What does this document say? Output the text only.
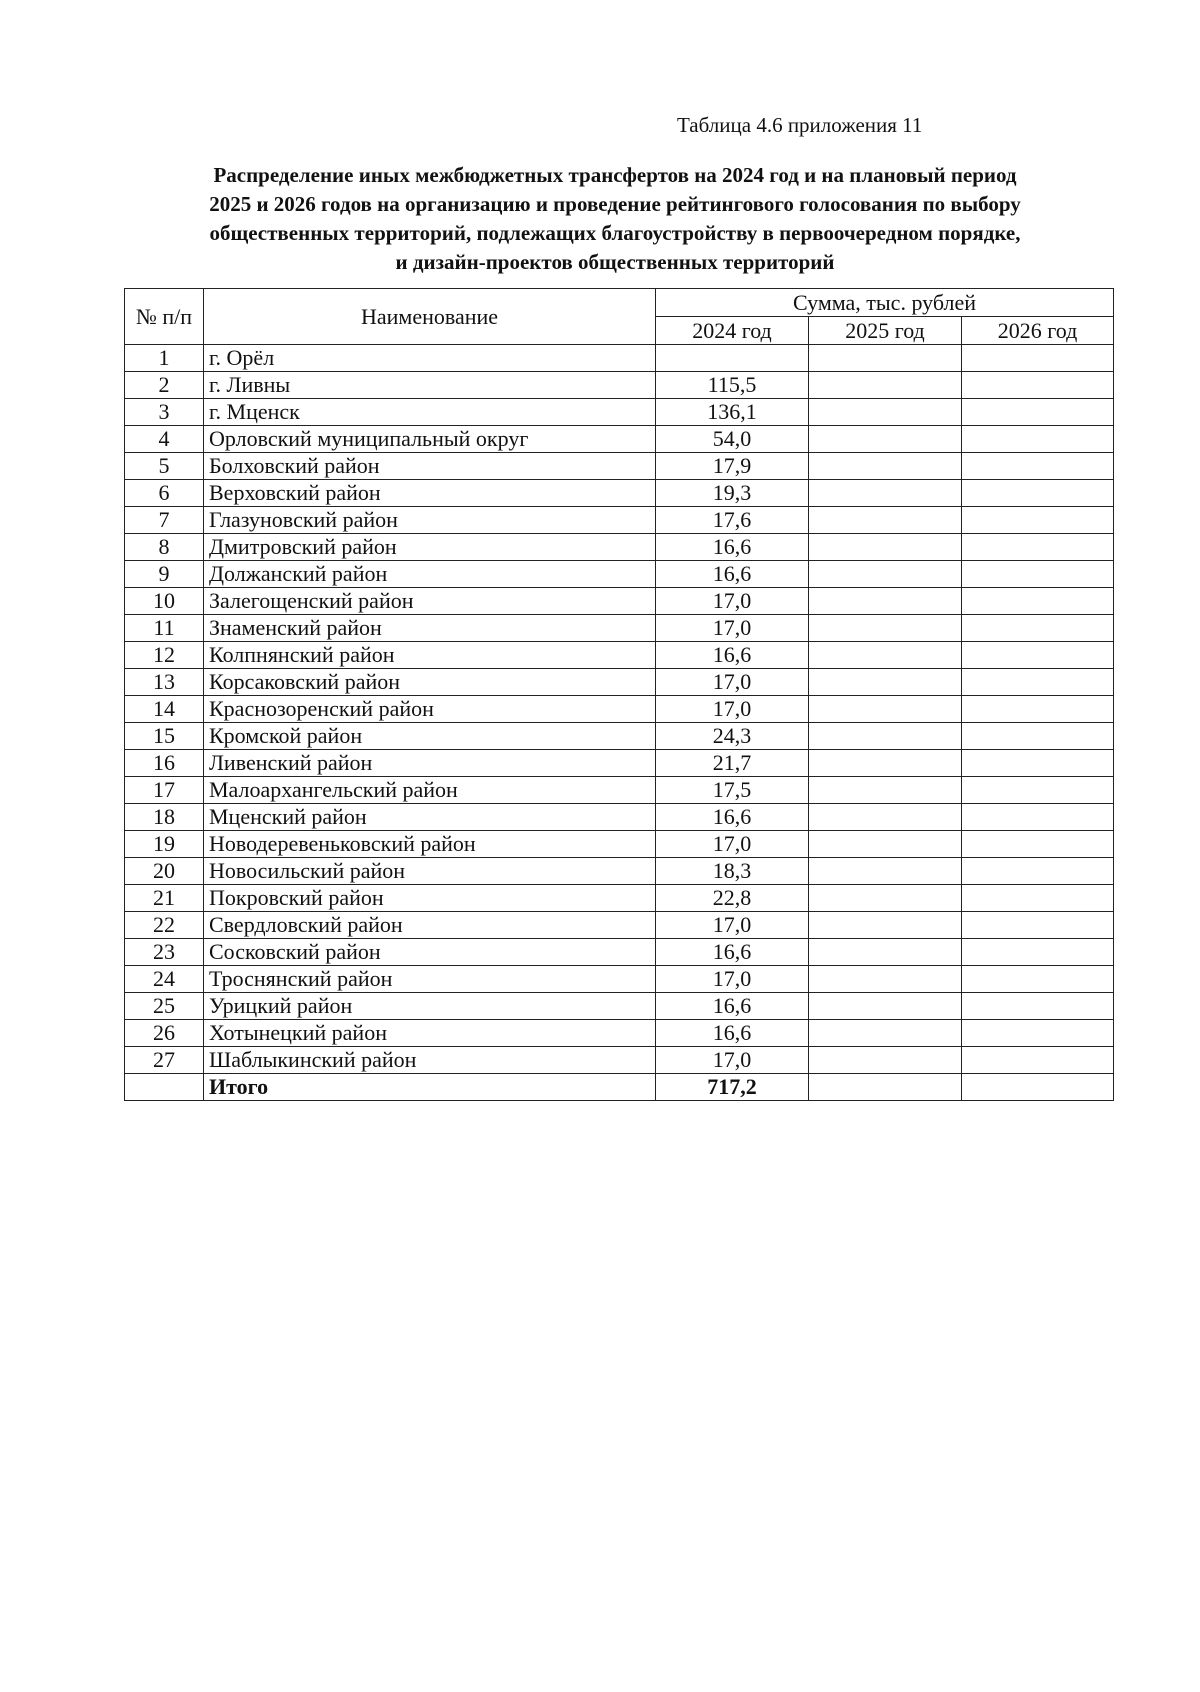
Таблица 4.6 приложения 11
Распределение иных межбюджетных трансфертов на 2024 год и на плановый период
2025 и 2026 годов на организацию и проведение рейтингового голосования по выбору
общественных территорий, подлежащих благоустройству в первоочередном порядке,
и дизайн-проектов общественных территорий
№ п/п	Наименование	Сумма, тыс. рублей		
		2024 год	2025 год	2026 год
1	г. Орёл			
2	г. Ливны	115,5		
3	г. Мценск	136,1		
4	Орловский муниципальный округ	54,0		
5	Болховский район	17,9		
6	Верховский район	19,3		
7	Глазуновский район	17,6		
8	Дмитровский район	16,6		
9	Должанский район	16,6		
10	Залегощенский район	17,0		
11	Знаменский район	17,0		
12	Колпнянский район	16,6		
13	Корсаковский район	17,0		
14	Краснозоренский район	17,0		
15	Кромской район	24,3		
16	Ливенский район	21,7		
17	Малоархангельский район	17,5		
18	Мценский район	16,6		
19	Новодеревеньковский район	17,0		
20	Новосильский район	18,3		
21	Покровский район	22,8		
22	Свердловский район	17,0		
23	Сосковский район	16,6		
24	Троснянский район	17,0		
25	Урицкий район	16,6		
26	Хотынецкий район	16,6		
27	Шаблыкинский район	17,0		
	Итого	717,2		
